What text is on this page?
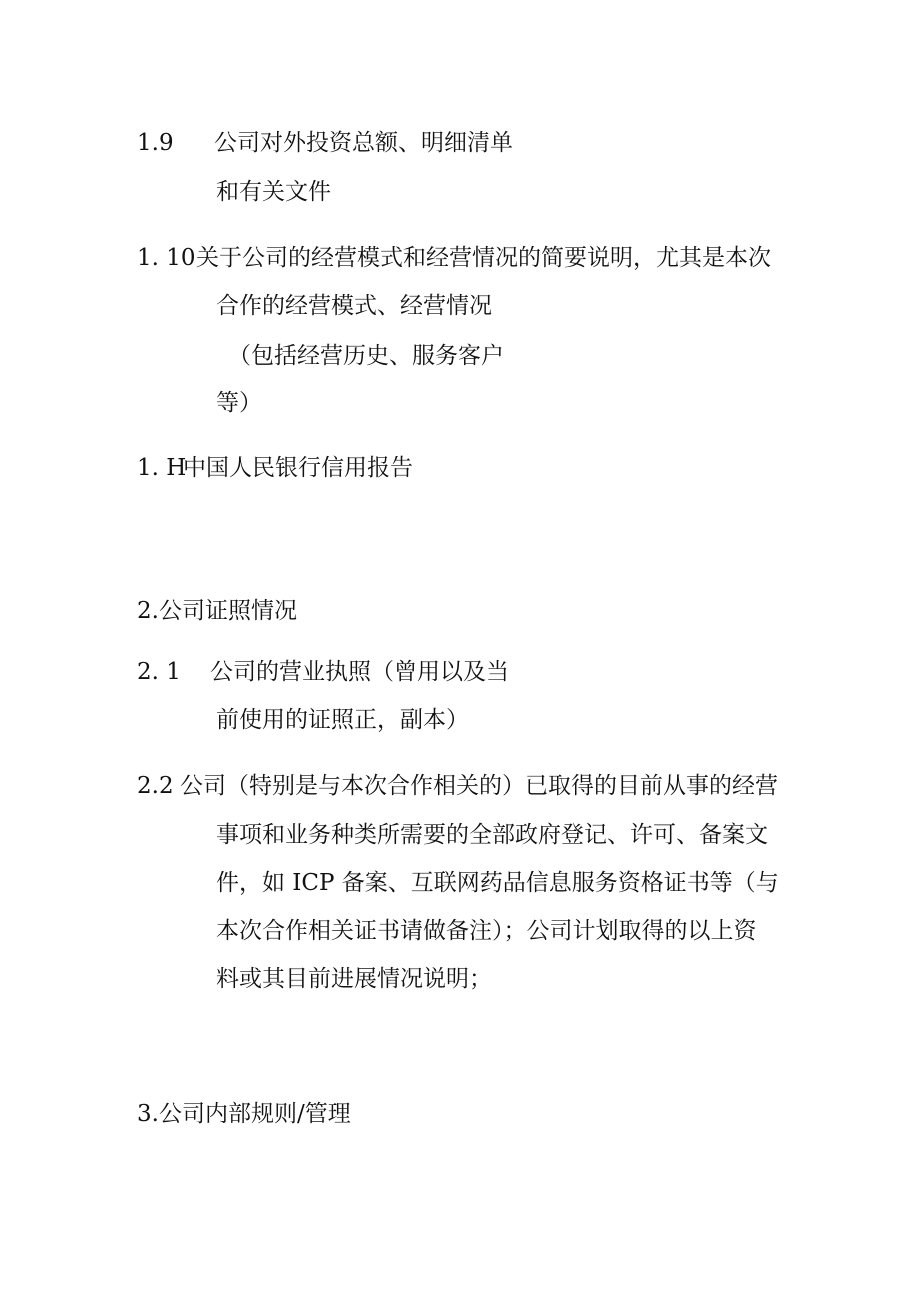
1.9 公司对外投资总额、明细清单

和有关文件

1. 10 关于公司的经营模式和经营情况的简要说明，尤其是本次

合作的经营模式、经营情况

（包括经营历史、服务客户

等）

1. H

中国人民银行信用报告

2.公司证照情况

2. 1 公司的营业执照（曾用以及当

前使用的证照正，副本）

2.2 公司（特别是与本次合作相关的）已取得的目前从事的经营

事项和业务种类所需要的全部政府登记、许可、备案文

件，如 ICP 备案、互联网药品信息服务资格证书等（与

本次合作相关证书请做备注）；公司计划取得的以上资

料或其目前进展情况说明；

3.公司内部规则/管理
